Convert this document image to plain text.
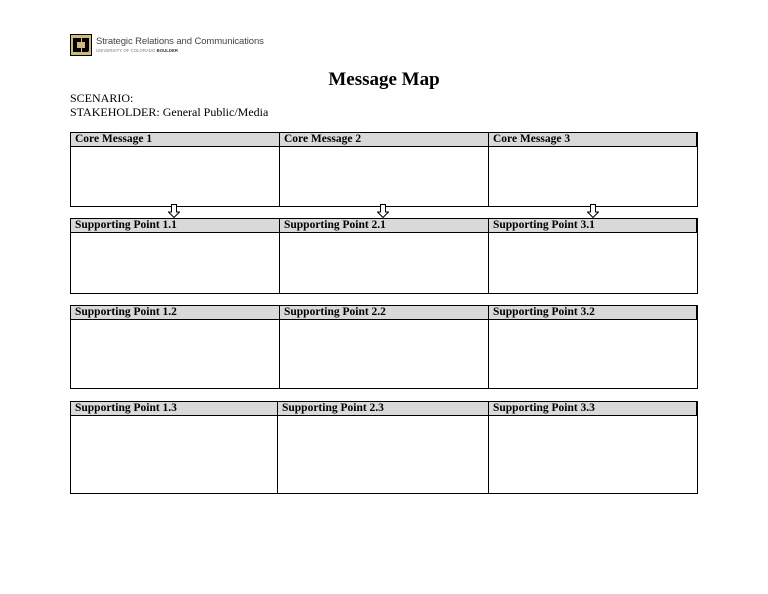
Strategic Relations and Communications
UNIVERSITY OF COLORADO BOULDER
Message Map
SCENARIO:
STAKEHOLDER: General Public/Media
Core Message 1	Core Message 2	Core Message 3
Supporting Point 1.1	Supporting Point 2.1	Supporting Point 3.1
Supporting Point 1.2	Supporting Point 2.2	Supporting Point 3.2
Supporting Point 1.3	Supporting Point 2.3	Supporting Point 3.3
